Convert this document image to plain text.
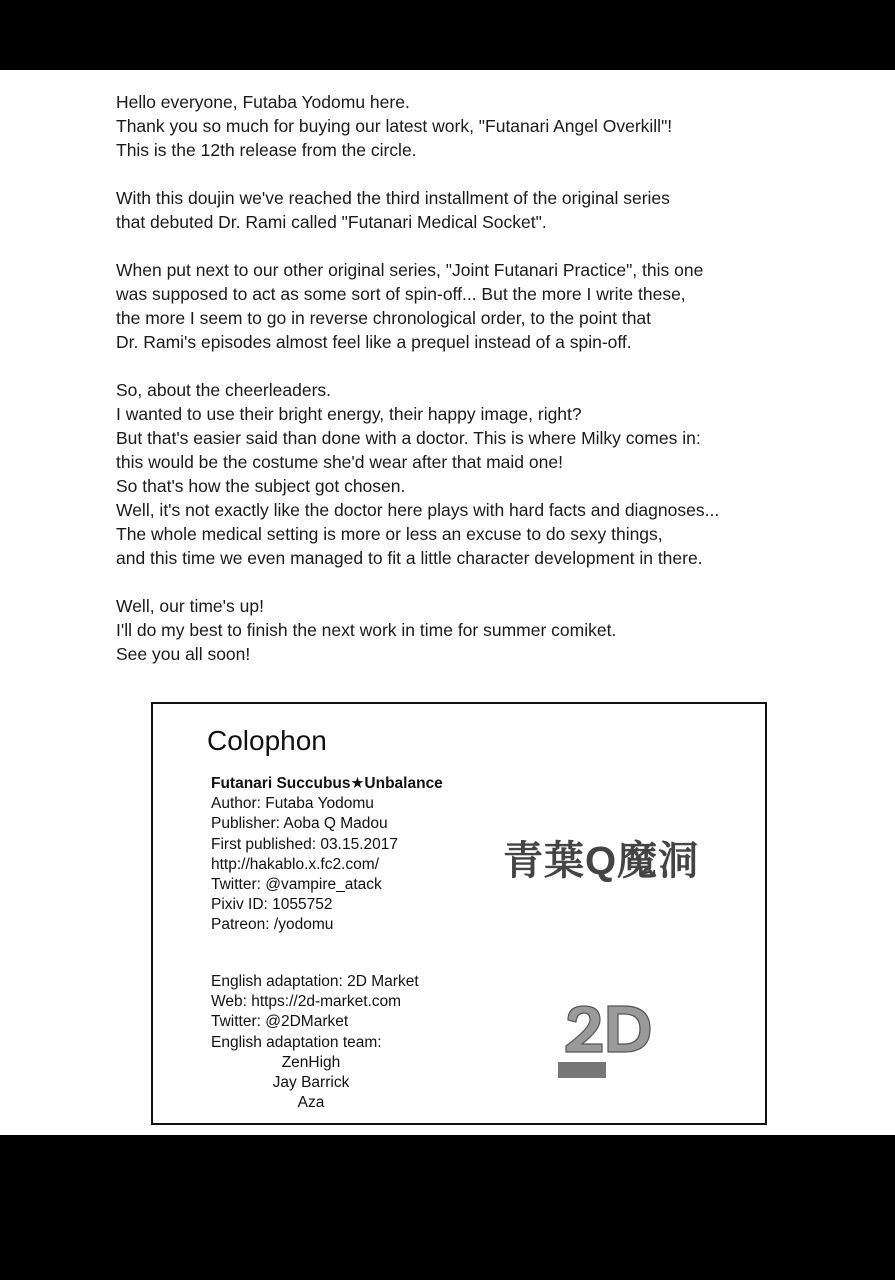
Hello everyone, Futaba Yodomu here.
Thank you so much for buying our latest work, "Futanari Angel Overkill"!
This is the 12th release from the circle.

With this doujin we've reached the third installment of the original series
that debuted Dr. Rami called "Futanari Medical Socket".

When put next to our other original series, "Joint Futanari Practice", this one
was supposed to act as some sort of spin-off... But the more I write these,
the more I seem to go in reverse chronological order, to the point that
Dr. Rami's episodes almost feel like a prequel instead of a spin-off.

So, about the cheerleaders.
I wanted to use their bright energy, their happy image, right?
But that's easier said than done with a doctor. This is where Milky comes in:
this would be the costume she'd wear after that maid one!
So that's how the subject got chosen.
Well, it's not exactly like the doctor here plays with hard facts and diagnoses...
The whole medical setting is more or less an excuse to do sexy things,
and this time we even managed to fit a little character development in there.

Well, our time's up!
I'll do my best to finish the next work in time for summer comiket.
See you all soon!

Colophon
Futanari Succubus★Unbalance
Author: Futaba Yodomu
Publisher: Aoba Q Madou
First published: 03.15.2017
http://hakablo.x.fc2.com/
Twitter: @vampire_atack
Pixiv ID: 1055752
Patreon: /yodomu
青葉Q魔洞
English adaptation: 2D Market
Web: https://2d-market.com
Twitter: @2DMarket
English adaptation team:
ZenHigh
Jay Barrick
Aza
